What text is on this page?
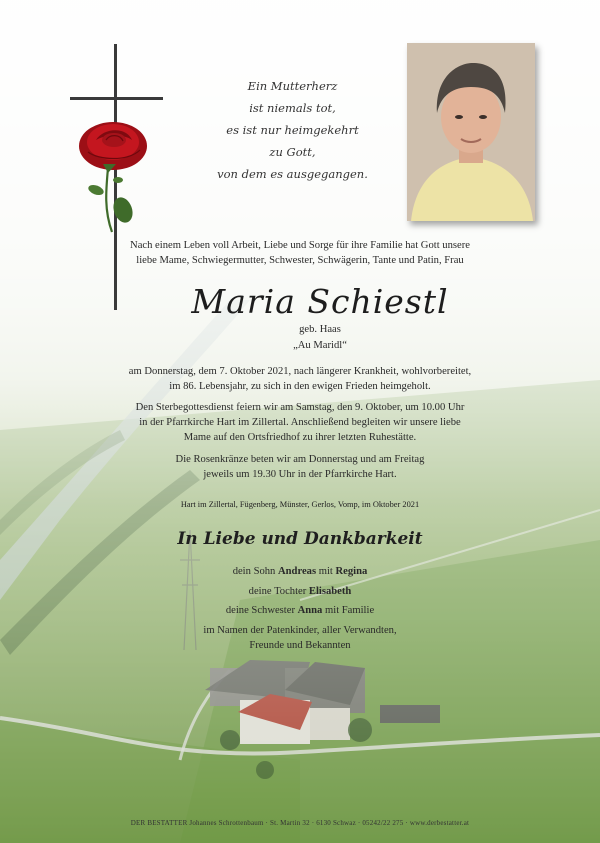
Ein Mutterherz
ist niemals tot,
es ist nur heimgekehrt
zu Gott,
von dem es ausgegangen.
Nach einem Leben voll Arbeit, Liebe und Sorge für ihre Familie hat Gott unsere
liebe Mame, Schwiegermutter, Schwester, Schwägerin, Tante und Patin, Frau
Maria Schiestl
geb. Haas
„Au Maridl“
am Donnerstag, dem 7. Oktober 2021, nach längerer Krankheit, wohlvorbereitet,
im 86. Lebensjahr, zu sich in den ewigen Frieden heimgeholt.
Den Sterbegottesdienst feiern wir am Samstag, den 9. Oktober, um 10.00 Uhr
in der Pfarrkirche Hart im Zillertal. Anschließend begleiten wir unsere liebe
Mame auf den Ortsfriedhof zu ihrer letzten Ruhestätte.
Die Rosenkränze beten wir am Donnerstag und am Freitag
jeweils um 19.30 Uhr in der Pfarrkirche Hart.
Hart im Zillertal, Fügenberg, Münster, Gerlos, Vomp, im Oktober 2021
In Liebe und Dankbarkeit
dein Sohn Andreas mit Regina
deine Tochter Elisabeth
deine Schwester Anna mit Familie
im Namen der Patenkinder, aller Verwandten,
Freunde und Bekannten
DER BESTATTER Johannes Schrottenbaum · St. Martin 32 · 6130 Schwaz · 05242/22 275 · www.derbestatter.at
